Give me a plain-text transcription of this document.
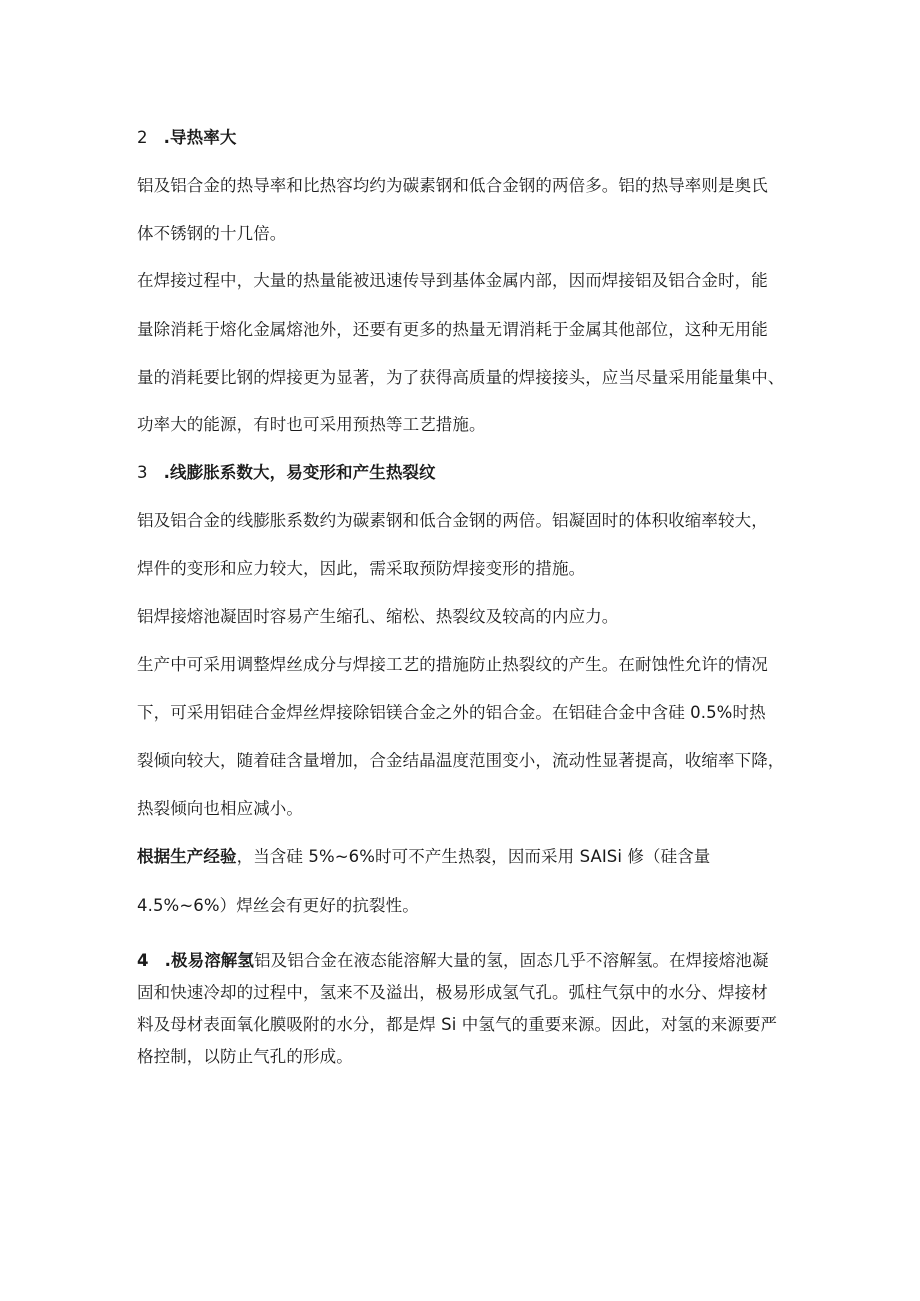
2 .导热率大
铝及铝合金的热导率和比热容均约为碳素钢和低合金钢的两倍多。铝的热导率则是奥氏
体不锈钢的十几倍。
在焊接过程中，大量的热量能被迅速传导到基体金属内部，因而焊接铝及铝合金时，能
量除消耗于熔化金属熔池外，还要有更多的热量无谓消耗于金属其他部位，这种无用能
量的消耗要比钢的焊接更为显著，为了获得高质量的焊接接头，应当尽量采用能量集中、
功率大的能源，有时也可采用预热等工艺措施。
3 .线膨胀系数大，易变形和产生热裂纹
铝及铝合金的线膨胀系数约为碳素钢和低合金钢的两倍。铝凝固时的体积收缩率较大，
焊件的变形和应力较大，因此，需采取预防焊接变形的措施。
铝焊接熔池凝固时容易产生缩孔、缩松、热裂纹及较高的内应力。
生产中可采用调整焊丝成分与焊接工艺的措施防止热裂纹的产生。在耐蚀性允许的情况
下，可采用铝硅合金焊丝焊接除铝镁合金之外的铝合金。在铝硅合金中含硅 0.5%时热
裂倾向较大，随着硅含量增加，合金结晶温度范围变小，流动性显著提高，收缩率下降，
热裂倾向也相应减小。
根据生产经验，当含硅 5%~6%时可不产生热裂，因而采用 SAISi 修（硅含量
4.5%~6%）焊丝会有更好的抗裂性。
4 .极易溶解氢铝及铝合金在液态能溶解大量的氢，固态几乎不溶解氢。在焊接熔池凝
固和快速冷却的过程中，氢来不及溢出，极易形成氢气孔。弧柱气氛中的水分、焊接材
料及母材表面氧化膜吸附的水分，都是焊 Si 中氢气的重要来源。因此，对氢的来源要严
格控制，以防止气孔的形成。
